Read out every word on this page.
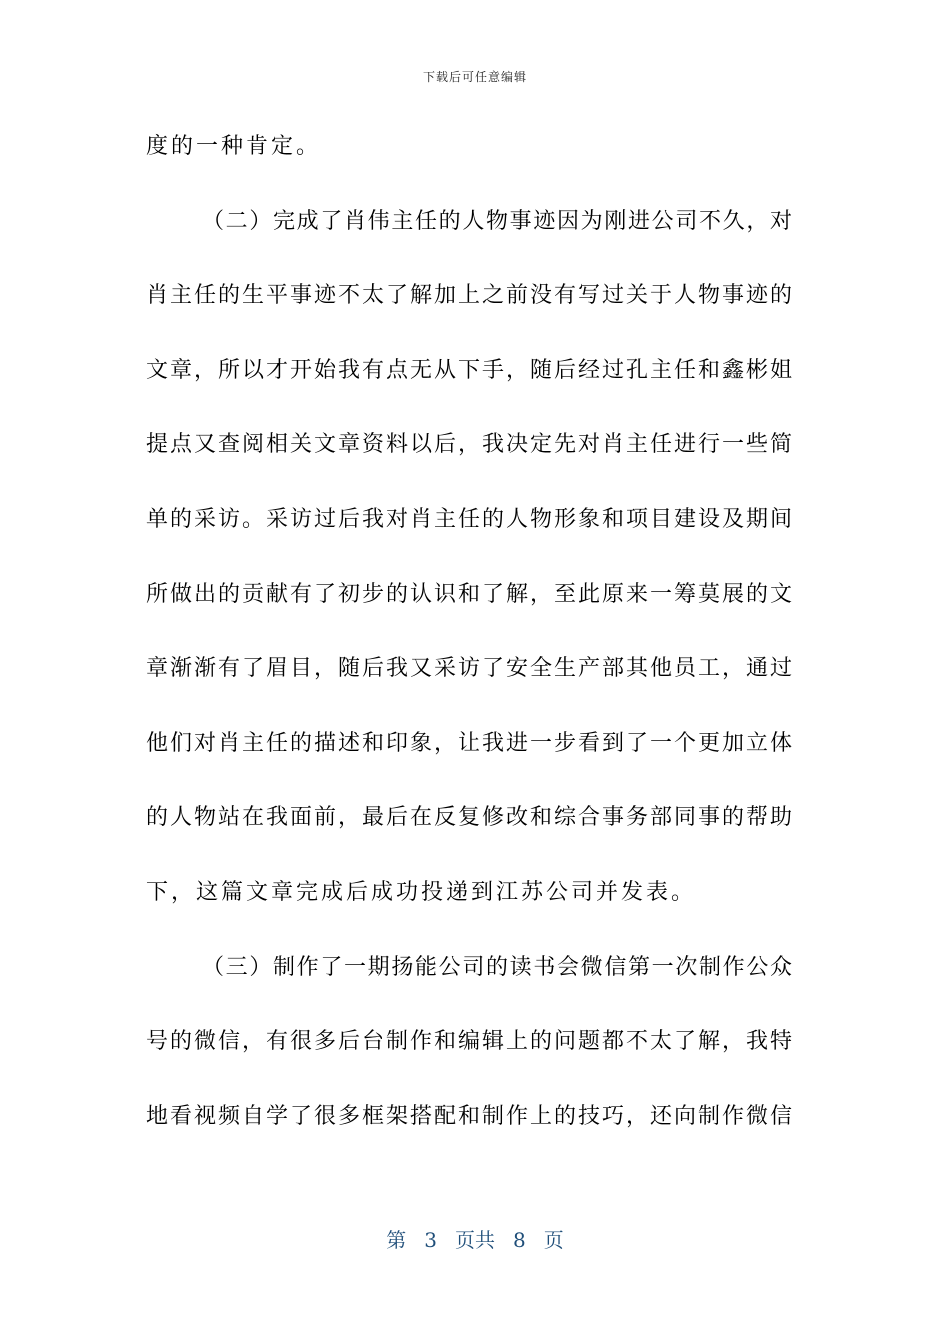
下载后可任意编辑
度的一种肯定。
（二）完成了肖伟主任的人物事迹因为刚进公司不久，对
肖主任的生平事迹不太了解加上之前没有写过关于人物事迹的
文章，所以才开始我有点无从下手，随后经过孔主任和鑫彬姐
提点又查阅相关文章资料以后，我决定先对肖主任进行一些简
单的采访。采访过后我对肖主任的人物形象和项目建设及期间
所做出的贡献有了初步的认识和了解，至此原来一筹莫展的文
章渐渐有了眉目，随后我又采访了安全生产部其他员工，通过
他们对肖主任的描述和印象，让我进一步看到了一个更加立体
的人物站在我面前，最后在反复修改和综合事务部同事的帮助
下，这篇文章完成后成功投递到江苏公司并发表。
（三）制作了一期扬能公司的读书会微信第一次制作公众
号的微信，有很多后台制作和编辑上的问题都不太了解，我特
地看视频自学了很多框架搭配和制作上的技巧，还向制作微信
第 3 页共 8 页
